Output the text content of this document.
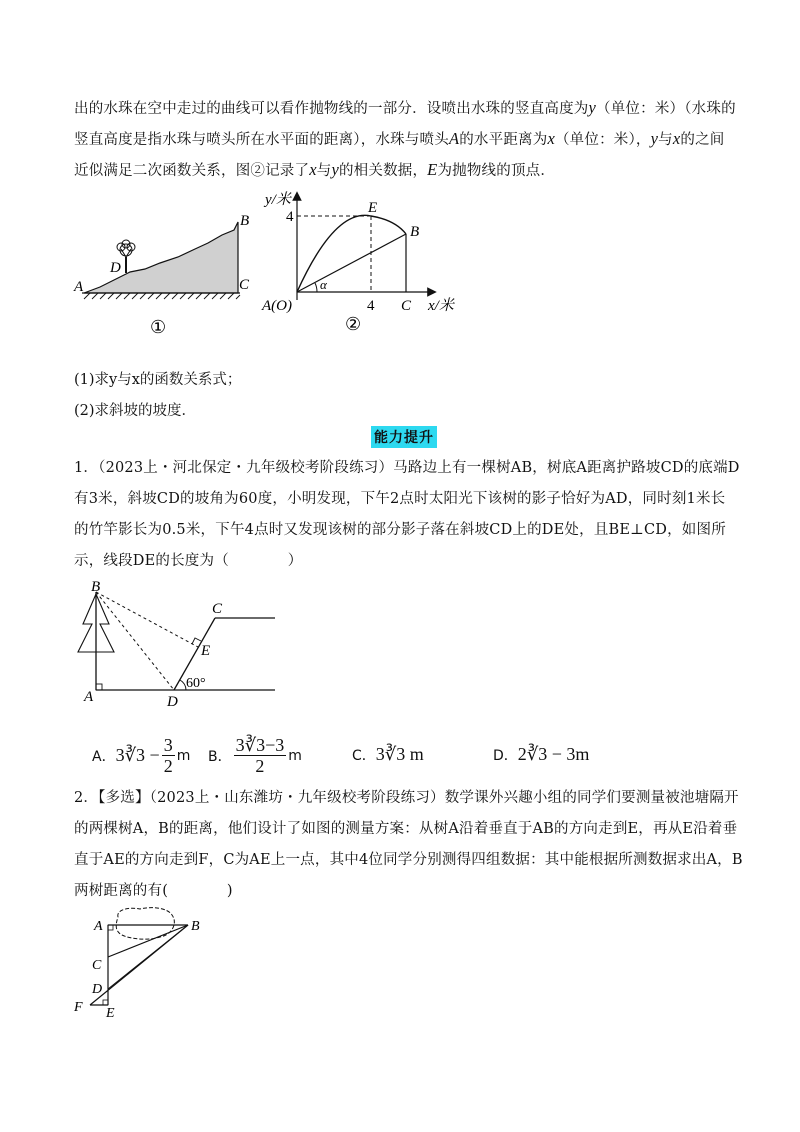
出的水珠在空中走过的曲线可以看作抛物线的一部分．设喷出水珠的竖直高度为y（单位：米）（水珠的
竖直高度是指水珠与喷头所在水平面的距离），水珠与喷头A的水平距离为x（单位：米），y与x的之间
近似满足二次函数关系，图②记录了x与y的相关数据，E为抛物线的顶点．
A
D
B
C
①
y/米
x/米
4
4
E
B
C
A(O)
α
②
(1)求y与x的函数关系式；
(2)求斜坡的坡度．
能力提升
1．（2023上・河北保定・九年级校考阶段练习）马路边上有一棵树AB，树底A距离护路坡CD的底端D
有3米，斜坡CD的坡角为60度，小明发现，下午2点时太阳光下该树的影子恰好为AD，同时刻1米长
的竹竿影长为0.5米，下午4点时又发现该树的部分影子落在斜坡CD上的DE处，且BE⊥CD，如图所
示，线段DE的长度为（　　　　）
B
C
E
A	D
60°
A． 3∛3 − $\frac{3}{2}$ m B． $\frac{3∛3-3}{2}$ m	C． 3∛3 m	D． 2∛3 − 3m
2．【多选】（2023上・山东潍坊・九年级校考阶段练习）数学课外兴趣小组的同学们要测量被池塘隔开
的两棵树A，B的距离，他们设计了如图的测量方案：从树A沿着垂直于AB的方向走到E，再从E沿着垂
直于AE的方向走到F，C为AE上一点，其中4位同学分别测得四组数据：其中能根据所测数据求出A，B
两树距离的有(　　　　)
A	B
C
D
F E
